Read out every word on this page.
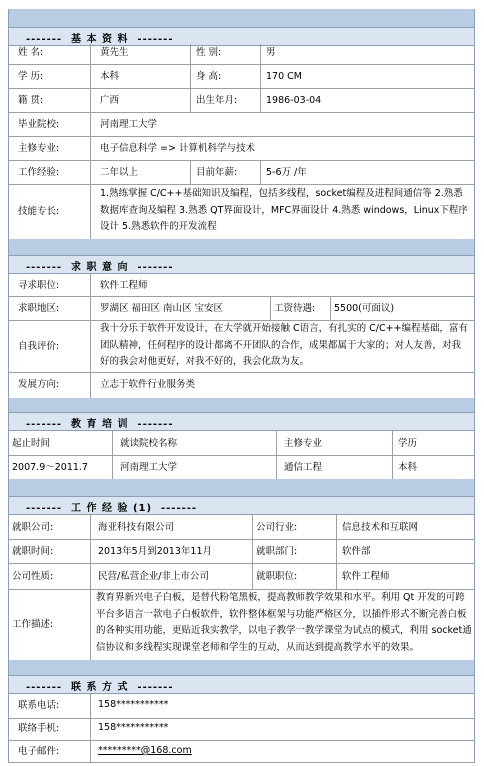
-------  基 本 资 料  -------
姓 名:	黄先生	性 别:	男
学 历:	本科	身 高:	170 CM
籍 贯:	广西	出生年月:	1986-03-04
毕业院校:	河南理工大学
主修专业:	电子信息科学 => 计算机科学与技术
工作经验:	二年以上	目前年薪:	5-6万 /年
技能专长:
1.熟练掌握 C/C++基础知识及编程，包括多线程，socket编程及进程间通信等 2.熟悉数据库查询及编程 3.熟悉 QT界面设计，MFC界面设计 4.熟悉 windows，Linux下程序设计 5.熟悉软件的开发流程
-------  求 职 意 向  -------
寻求职位:	软件工程师
求职地区:	罗湖区 福田区 南山区 宝安区	工资待遇: 5500(可面议)
自我评价:
我十分乐于软件开发设计，在大学就开始接触 C语言，有扎实的 C/C++编程基础，富有团队精神，任何程序的设计都离不开团队的合作，成果都属于大家的；对人友善，对我好的我会对他更好，对我不好的，我会化敌为友。
发展方向:	立志于软件行业服务类
-------  教 育 培 训  -------
起止时间	就读院校名称	主修专业	学历
2007.9～2011.7	河南理工大学	通信工程	本科
-------  工 作 经 验 (1)  -------
就职公司:	海亚科技有限公司	公司行业:	信息技术和互联网
就职时间:	2013年5月到2013年11月	就职部门:	软件部
公司性质:	民营/私营企业/非上市公司	就职职位:	软件工程师
工作描述:
教育界新兴电子白板，是替代粉笔黑板，提高教师教学效果和水平。利用 Qt 开发的可跨平台多语言一款电子白板软件，软件整体框架与功能严格区分，以插件形式不断完善白板的各种实用功能，更贴近我实教学，以电子教学一教学课堂为试点的模式，利用 socket通信协议和多线程实现课堂老师和学生的互动，从而达到提高教学水平的效果。
-------  联 系 方 式  -------
联系电话:	158***********
联络手机:	158***********
电子邮件:	*********@168.com
